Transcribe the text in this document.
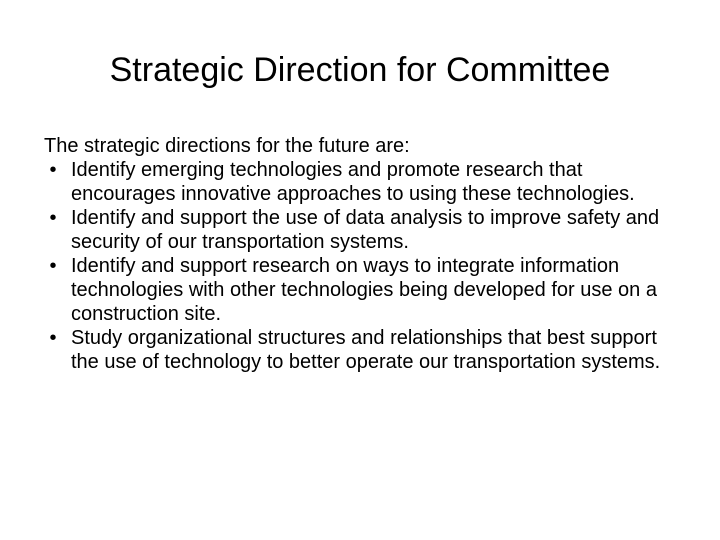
Strategic Direction for Committee

The strategic directions for the future are:

• Identify emerging technologies and promote research that encourages innovative approaches to using these technologies.
• Identify and support the use of data analysis to improve safety and security of our transportation systems.
• Identify and support research on ways to integrate information technologies with other technologies being developed for use on a construction site.
• Study organizational structures and relationships that best support the use of technology to better operate our transportation systems.
